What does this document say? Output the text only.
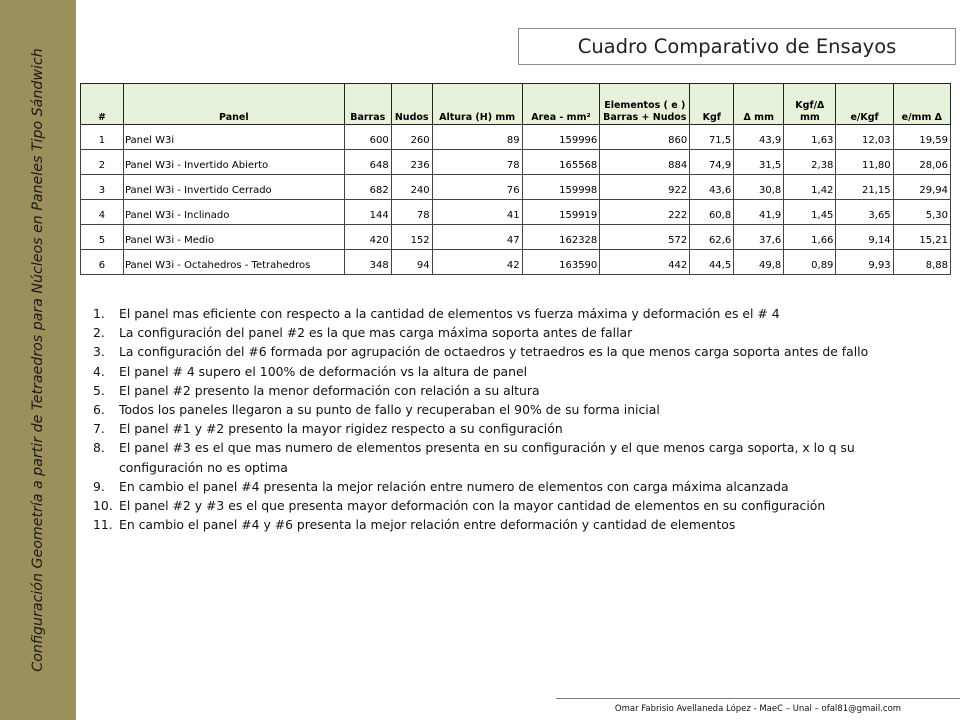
Configuración Geometría a partir de Tetraedros para Núcleos en Paneles Tipo Sándwich
Cuadro Comparativo de Ensayos
#	Panel	Barras	Nudos	Altura (H) mm	Area - mm²	Elementos ( e ) Barras + Nudos	Kgf	Δ mm	Kgf/Δ mm	e/Kgf	e/mm Δ
1	Panel W3i	600	260	89	159996	860	71,5	43,9	1,63	12,03	19,59
2	Panel W3i - Invertido Abierto	648	236	78	165568	884	74,9	31,5	2,38	11,80	28,06
3	Panel W3i - Invertido Cerrado	682	240	76	159998	922	43,6	30,8	1,42	21,15	29,94
4	Panel W3i - Inclinado	144	78	41	159919	222	60,8	41,9	1,45	3,65	5,30
5	Panel W3i - Medio	420	152	47	162328	572	62,6	37,6	1,66	9,14	15,21
6	Panel W3i - Octahedros - Tetrahedros	348	94	42	163590	442	44,5	49,8	0,89	9,93	8,88
1. El panel mas eficiente con respecto a la cantidad de elementos vs fuerza máxima y deformación es el # 4
2. La configuración del panel #2 es la que mas carga máxima soporta antes de fallar
3. La configuración del #6 formada por agrupación de octaedros y tetraedros es la que menos carga soporta antes de fallo
4. El panel # 4 supero el 100% de deformación vs la altura de panel
5. El panel #2 presento la menor deformación con relación a su altura
6. Todos los paneles llegaron a su punto de fallo y recuperaban el 90% de su forma inicial
7. El panel #1 y #2 presento la mayor rigidez respecto a su configuración
8. El panel #3 es el que mas numero de elementos presenta en su configuración y el que menos carga soporta, x lo q su configuración no es optima
9. En cambio el panel #4 presenta la mejor relación entre numero de elementos con carga máxima alcanzada
10. El panel #2 y #3 es el que presenta mayor deformación con la mayor cantidad de elementos en su configuración
11. En cambio el panel #4 y #6 presenta la mejor relación entre deformación y cantidad de elementos
Omar Fabrisio Avellaneda López - MaeC – Unal – ofal81@gmail.com
